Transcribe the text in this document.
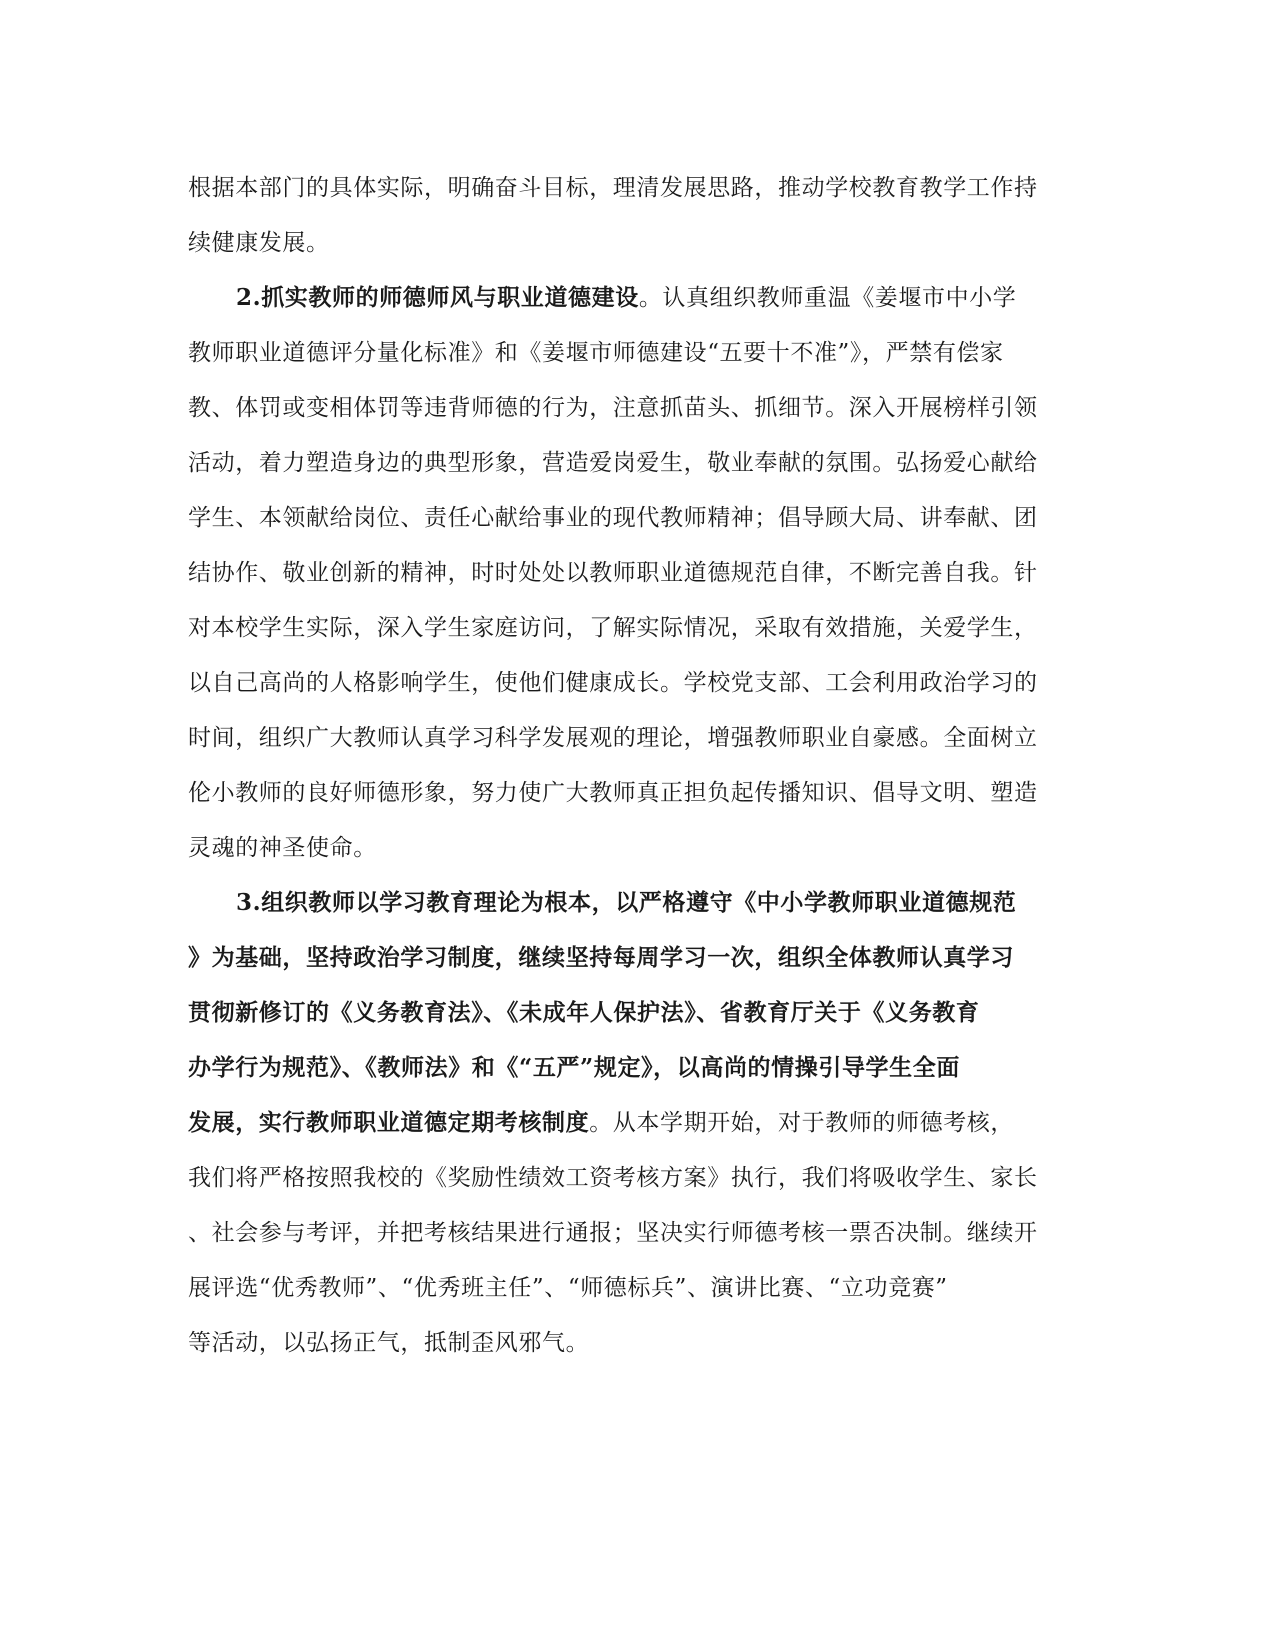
根据本部门的具体实际，明确奋斗目标，理清发展思路，推动学校教育教学工作持
续健康发展。
2.抓实教师的师德师风与职业道德建设。认真组织教师重温《姜堰市中小学
教师职业道德评分量化标准》和《姜堰市师德建设“五要十不准”》，严禁有偿家
教、体罚或变相体罚等违背师德的行为，注意抓苗头、抓细节。深入开展榜样引领
活动，着力塑造身边的典型形象，营造爱岗爱生，敬业奉献的氛围。弘扬爱心献给
学生、本领献给岗位、责任心献给事业的现代教师精神；倡导顾大局、讲奉献、团
结协作、敬业创新的精神，时时处处以教师职业道德规范自律，不断完善自我。针
对本校学生实际，深入学生家庭访问，了解实际情况，采取有效措施，关爱学生，
以自己高尚的人格影响学生，使他们健康成长。学校党支部、工会利用政治学习的
时间，组织广大教师认真学习科学发展观的理论，增强教师职业自豪感。全面树立
伦小教师的良好师德形象，努力使广大教师真正担负起传播知识、倡导文明、塑造
灵魂的神圣使命。
3.组织教师以学习教育理论为根本，以严格遵守《中小学教师职业道德规范
》为基础，坚持政治学习制度，继续坚持每周学习一次，组织全体教师认真学习
贯彻新修订的《义务教育法》、《未成年人保护法》、省教育厅关于《义务教育
办学行为规范》、《教师法》和《“五严”规定》，以高尚的情操引导学生全面
发展，实行教师职业道德定期考核制度。从本学期开始，对于教师的师德考核，
我们将严格按照我校的《奖励性绩效工资考核方案》执行，我们将吸收学生、家长
、社会参与考评，并把考核结果进行通报；坚决实行师德考核一票否决制。继续开
展评选“优秀教师”、“优秀班主任”、“师德标兵”、演讲比赛、“立功竞赛”
等活动，以弘扬正气，抵制歪风邪气。
